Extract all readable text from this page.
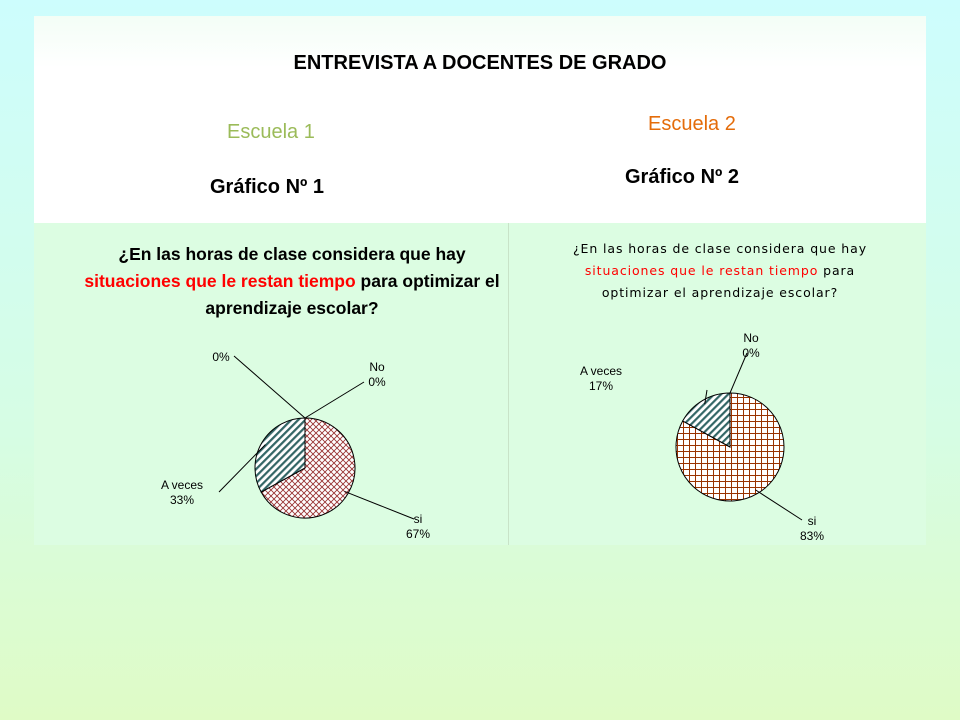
ENTREVISTA A DOCENTES DE GRADO
Escuela 1
Gráfico Nº 1
Escuela 2
Gráfico Nº 2
¿En las horas de clase considera que hay
situaciones que le restan tiempo para optimizar el
aprendizaje escolar?
si
67%
A veces
33%
0%
No
0%
¿En las horas de clase considera que hay
situaciones que le restan tiempo para
optimizar el aprendizaje escolar?
si
83%
A veces
17%
No
0%
